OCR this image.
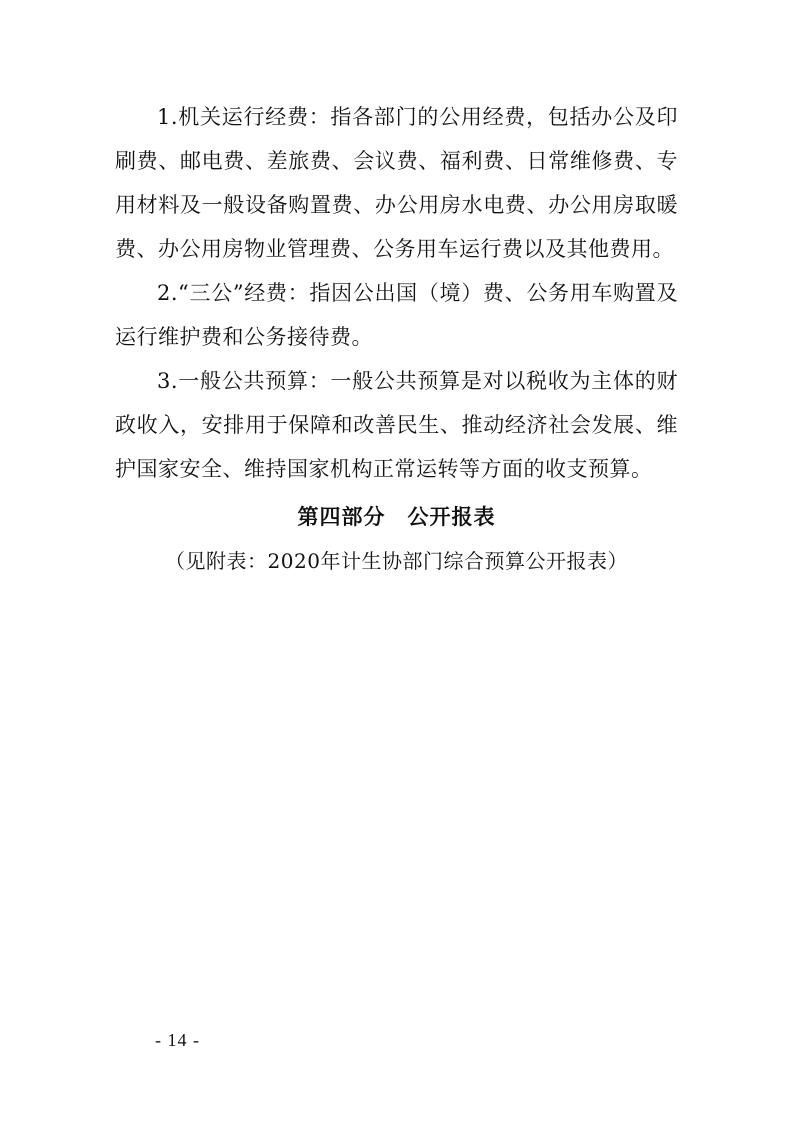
1.机关运行经费：指各部门的公用经费，包括办公及印刷费、邮电费、差旅费、会议费、福利费、日常维修费、专用材料及一般设备购置费、办公用房水电费、办公用房取暖费、办公用房物业管理费、公务用车运行费以及其他费用。

2.“三公”经费：指因公出国（境）费、公务用车购置及运行维护费和公务接待费。

3.一般公共预算：一般公共预算是对以税收为主体的财政收入，安排用于保障和改善民生、推动经济社会发展、维护国家安全、维持国家机构正常运转等方面的收支预算。

第四部分　公开报表

（见附表：2020年计生协部门综合预算公开报表）

- 14 -
